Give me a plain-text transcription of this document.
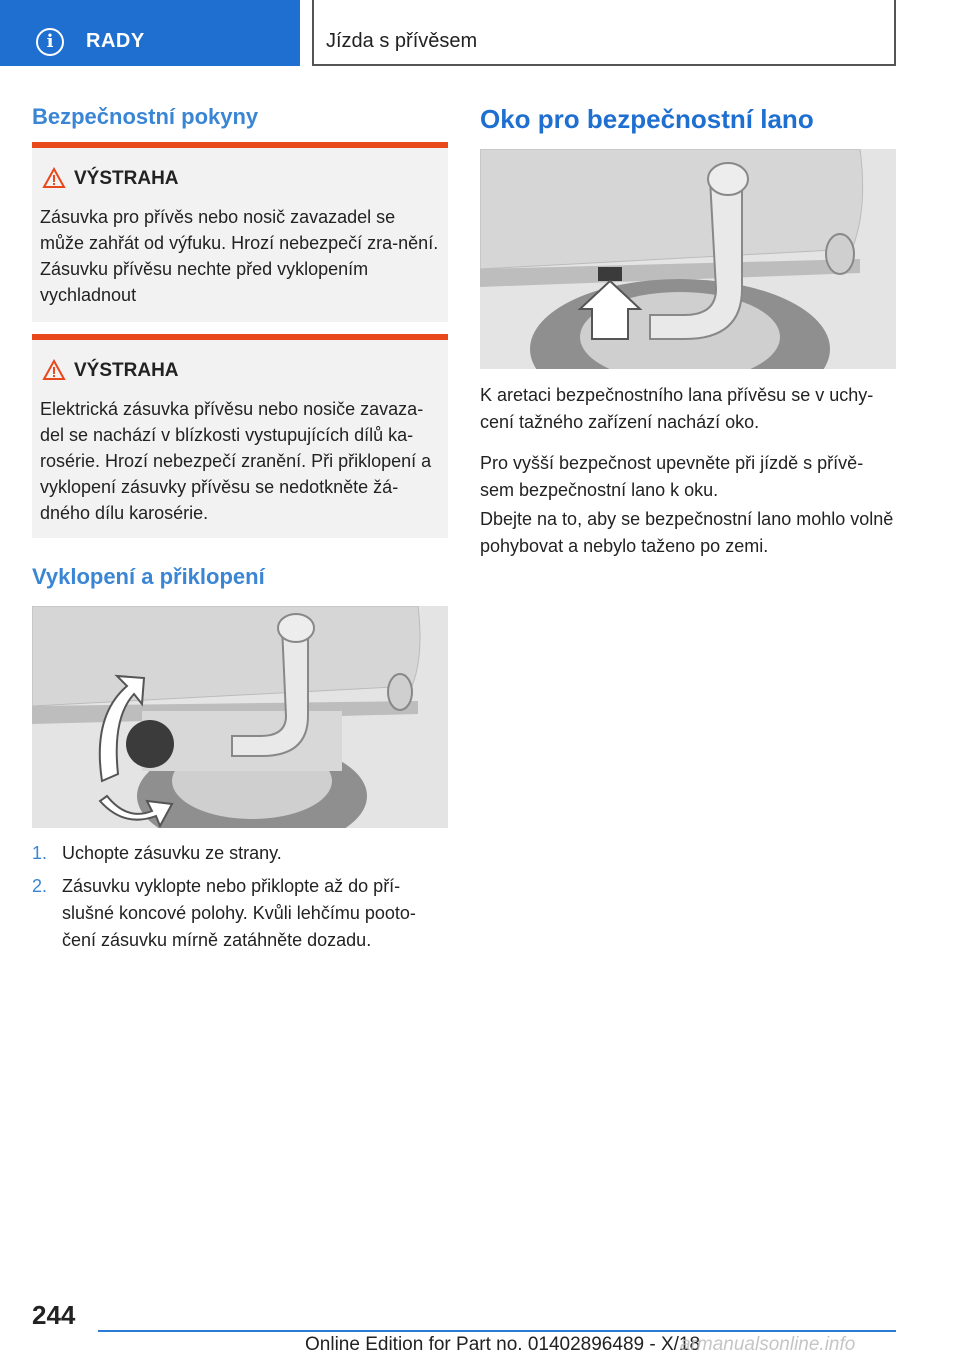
i	RADY	Jízda s přívěsem
Bezpečnostní pokyny
VÝSTRAHA
Zásuvka pro přívěs nebo nosič zavazadel se může zahřát od výfuku. Hrozí nebezpečí zra-nění. Zásuvku přívěsu nechte před vyklopením vychladnout
VÝSTRAHA
Elektrická zásuvka přívěsu nebo nosiče zavaza-del se nachází v blízkosti vystupujících dílů ka-rosérie. Hrozí nebezpečí zranění. Při přiklopení a vyklopení zásuvky přívěsu se nedotkněte žá-dného dílu karosérie.
Vyklopení a přiklopení
1. Uchopte zásuvku ze strany.
2. Zásuvku vyklopte nebo přiklopte až do pří-slušné koncové polohy. Kvůli lehčímu pooto-čení zásuvku mírně zatáhněte dozadu.
Oko pro bezpečnostní lano

K aretaci bezpečnostního lana přívěsu se v uchy-cení tažného zařízení nachází oko.

Pro vyšší bezpečnost upevněte při jízdě s přívě-sem bezpečnostní lano k oku.

Dbejte na to, aby se bezpečnostní lano mohlo volně pohybovat a nebylo taženo po zemi.

244
Online Edition for Part no. 01402896489 - X/18
armanualsonline.info
